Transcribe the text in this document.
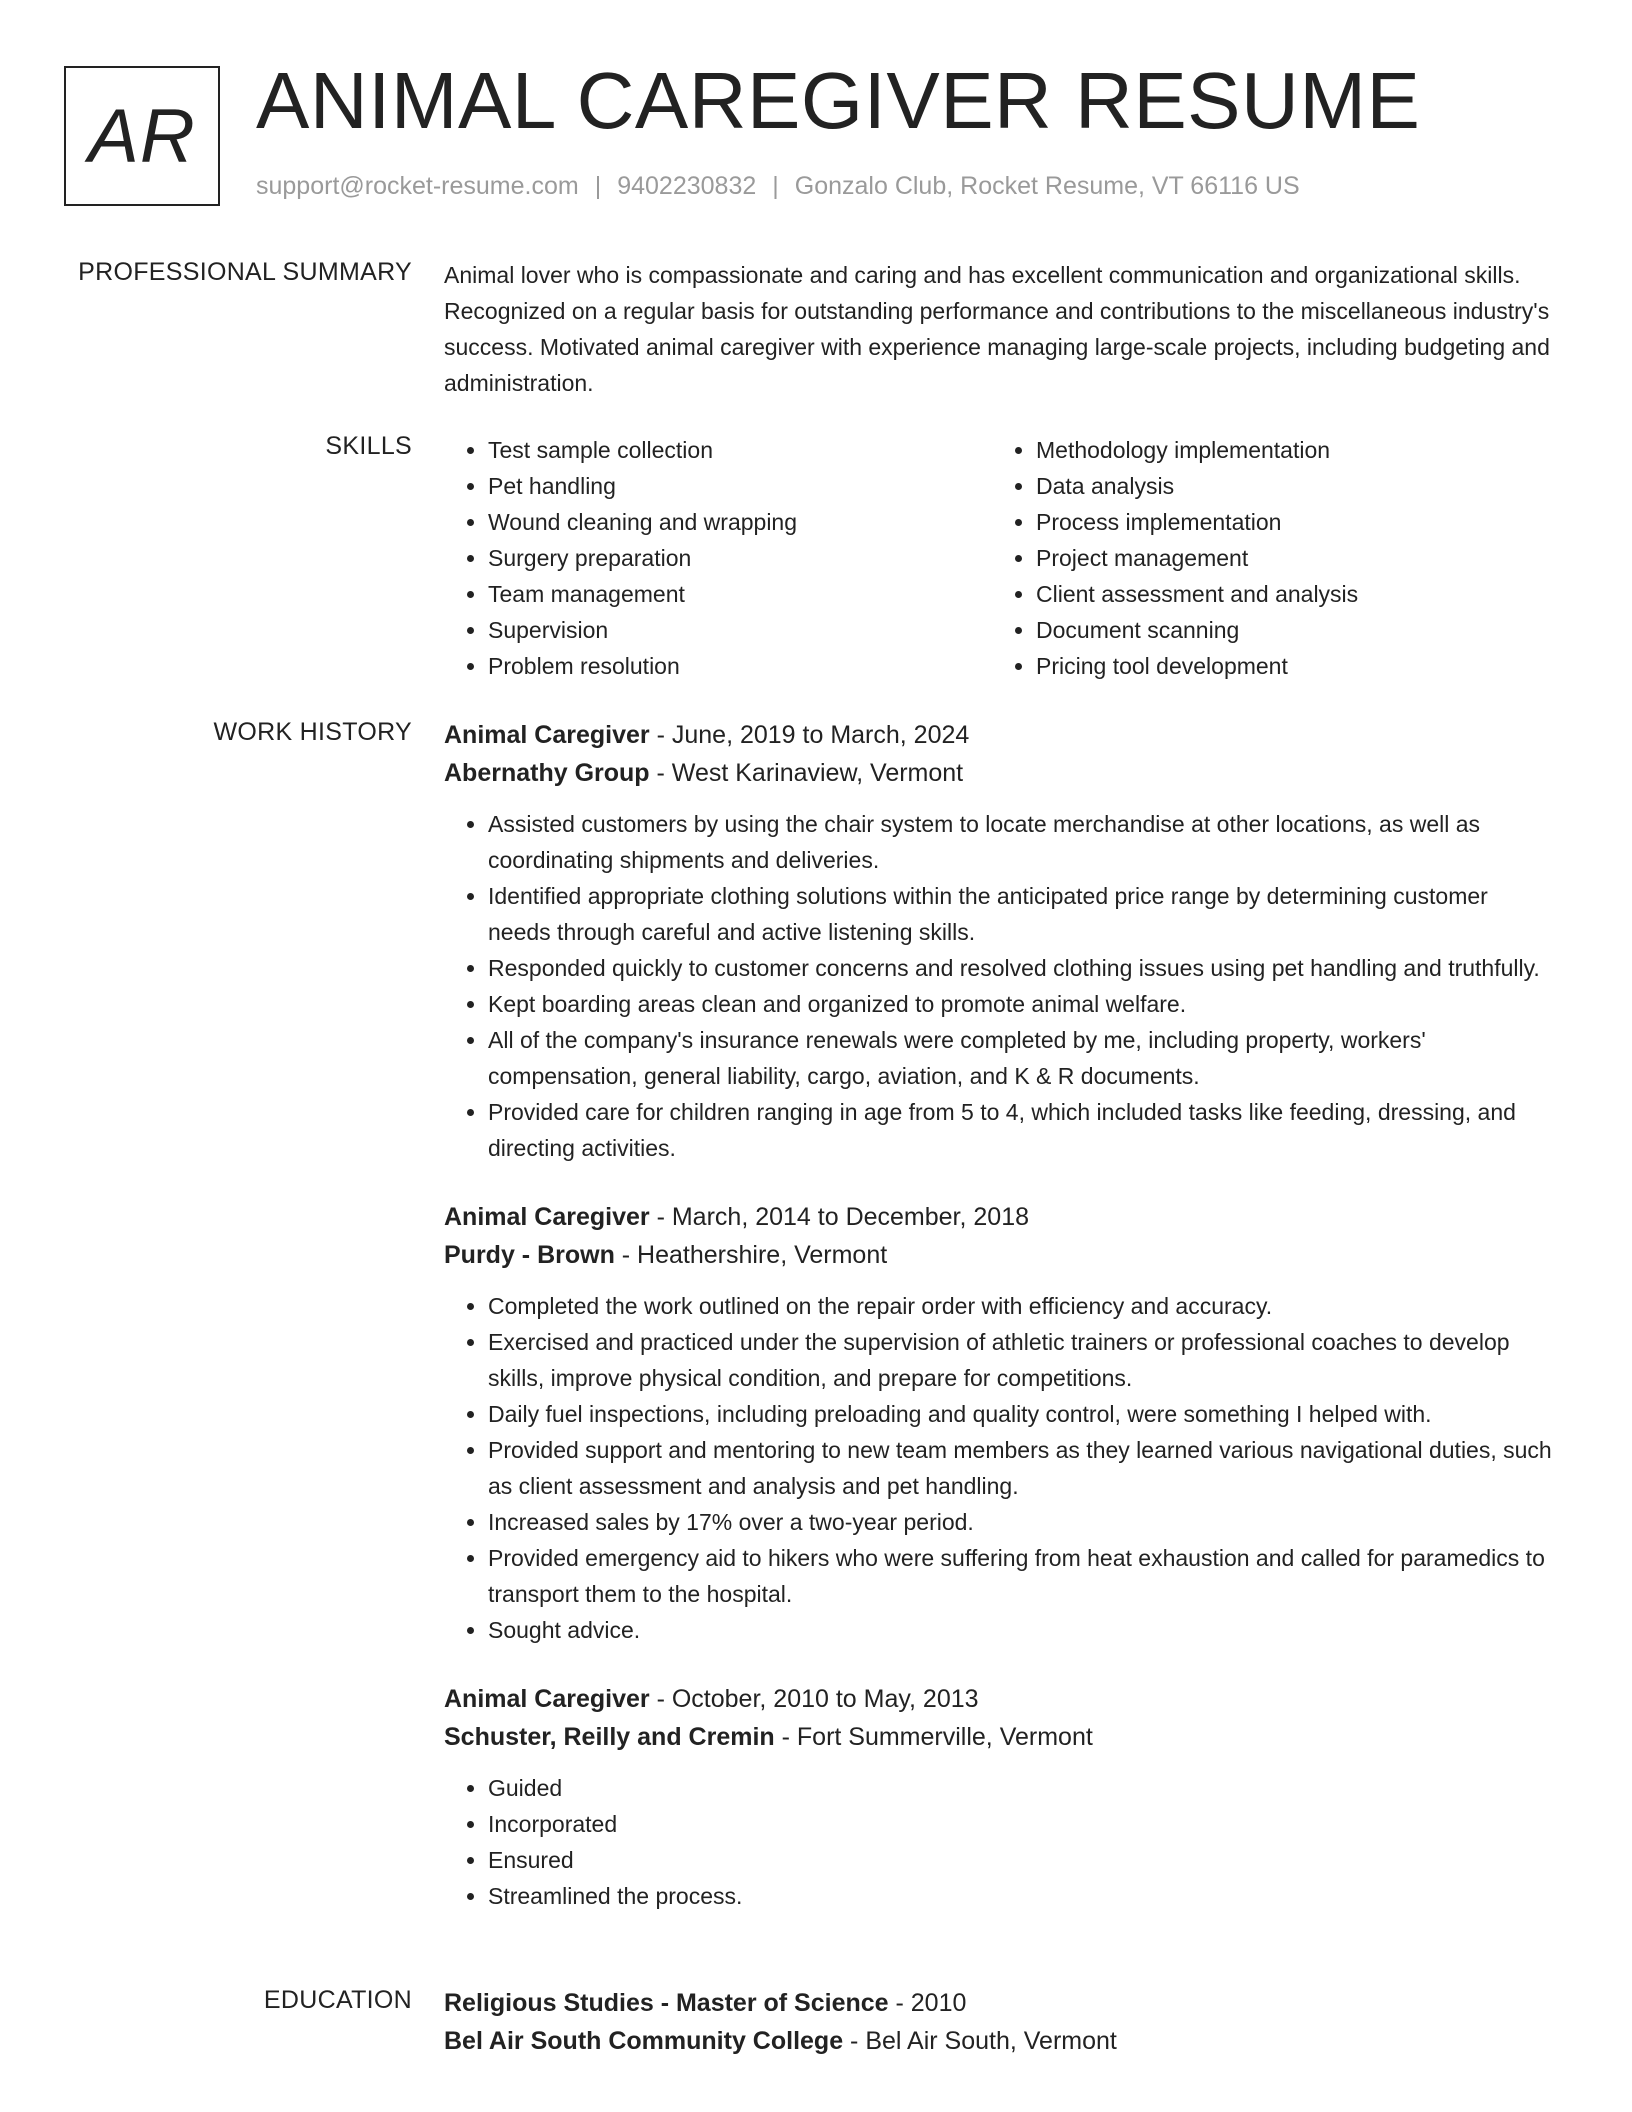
AR ANIMAL CAREGIVER RESUME
support@rocket-resume.com | 9402230832 | Gonzalo Club, Rocket Resume, VT 66116 US
PROFESSIONAL SUMMARY Animal lover who is compassionate and caring and has excellent communication and organizational skills. Recognized on a regular basis for outstanding performance and contributions to the miscellaneous industry's success. Motivated animal caregiver with experience managing large-scale projects, including budgeting and administration.

SKILLS
•	Test sample collection
• Pet handling
• Wound cleaning and wrapping
• Surgery preparation
• Team management
• Supervision
• Problem resolution
• Methodology implementation
• Data analysis
• Process implementation
• Project management
• Client assessment and analysis
• Document scanning
• Pricing tool development
WORK HISTORY Animal Caregiver - June, 2019 to March, 2024
Abernathy Group - West Karinaview, Vermont
• Assisted customers by using the chair system to locate merchandise at other locations, as well as coordinating shipments and deliveries.
• Identified appropriate clothing solutions within the anticipated price range by determining customer needs through careful and active listening skills.
• Responded quickly to customer concerns and resolved clothing issues using pet handling and truthfully.
• Kept boarding areas clean and organized to promote animal welfare.
• All of the company's insurance renewals were completed by me, including property, workers' compensation, general liability, cargo, aviation, and K & R documents.
• Provided care for children ranging in age from 5 to 4, which included tasks like feeding, dressing, and directing activities.
Animal Caregiver - March, 2014 to December, 2018
Purdy - Brown - Heathershire, Vermont
• Completed the work outlined on the repair order with efficiency and accuracy.
• Exercised and practiced under the supervision of athletic trainers or professional coaches to develop skills, improve physical condition, and prepare for competitions.
• Daily fuel inspections, including preloading and quality control, were something I helped with.
• Provided support and mentoring to new team members as they learned various navigational duties, such as client assessment and analysis and pet handling.
• Increased sales by 17% over a two-year period.
• Provided emergency aid to hikers who were suffering from heat exhaustion and called for paramedics to transport them to the hospital.
• Sought advice.
Animal Caregiver - October, 2010 to May, 2013
Schuster, Reilly and Cremin - Fort Summerville, Vermont
• Guided
• Incorporated
• Ensured
• Streamlined the process.
EDUCATION Religious Studies - Master of Science - 2010
Bel Air South Community College - Bel Air South, Vermont
